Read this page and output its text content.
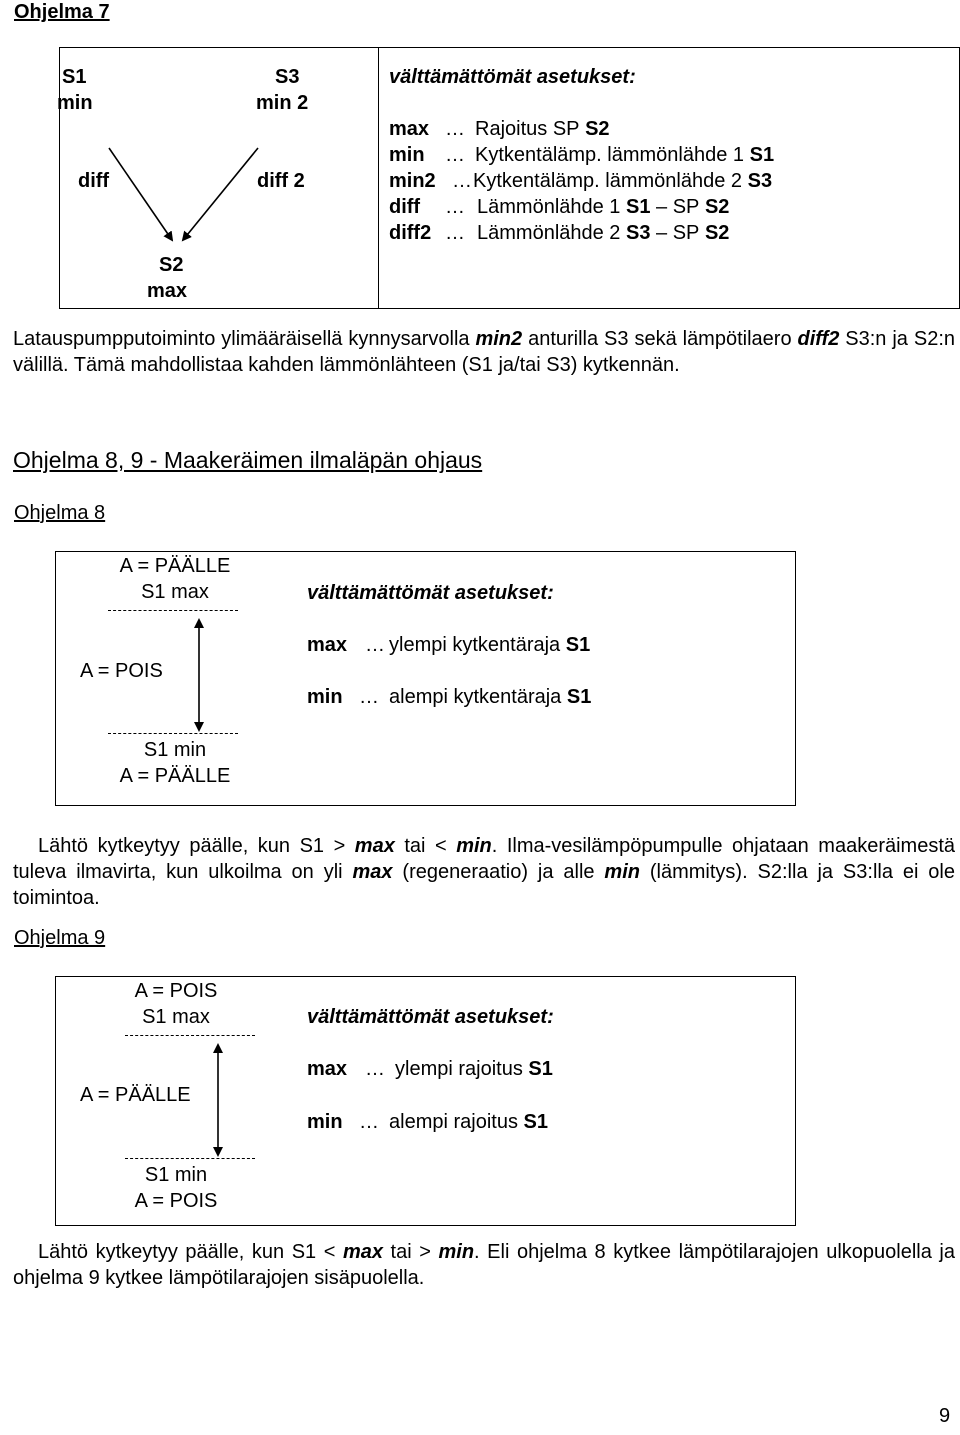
Ohjelma 7
S1
min
S3
min 2
diff	diff 2
S2
max
välttämättömät asetukset:
max … Rajoitus SP S2
min … Kytkentälämp. lämmönlähde 1 S1
min2 …Kytkentälämp. lämmönlähde 2 S3
diff … Lämmönlähde 1 S1 – SP S2
diff2 … Lämmönlähde 2 S3 – SP S2
Latauspumpputoiminto ylimääräisellä kynnysarvolla min2 anturilla S3 sekä lämpötilaero diff2 S3:n ja S2:n välillä. Tämä mahdollistaa kahden lämmönlähteen (S1 ja/tai S3) kytkennän.
Ohjelma 8, 9 - Maakeräimen ilmaläpän ohjaus
Ohjelma 8
A = PÄÄLLE
S1 max
A = POIS
S1 min
A = PÄÄLLE
välttämättömät asetukset:
max … ylempi kytkentäraja S1
min … alempi kytkentäraja S1
Lähtö kytkeytyy päälle, kun S1 > max tai < min. Ilma-vesilämpöpumpulle ohjataan maakeräimestä tuleva ilmavirta, kun ulkoilma on yli max (regeneraatio) ja alle min (lämmitys). S2:lla ja S3:lla ei ole toimintoa.
Ohjelma 9
A = POIS
S1 max
A = PÄÄLLE
S1 min
A = POIS
välttämättömät asetukset:
max … ylempi rajoitus S1
min … alempi rajoitus S1
Lähtö kytkeytyy päälle, kun S1 < max tai > min. Eli ohjelma 8 kytkee lämpötilarajojen ulkopuolella ja ohjelma 9 kytkee lämpötilarajojen sisäpuolella.
9
